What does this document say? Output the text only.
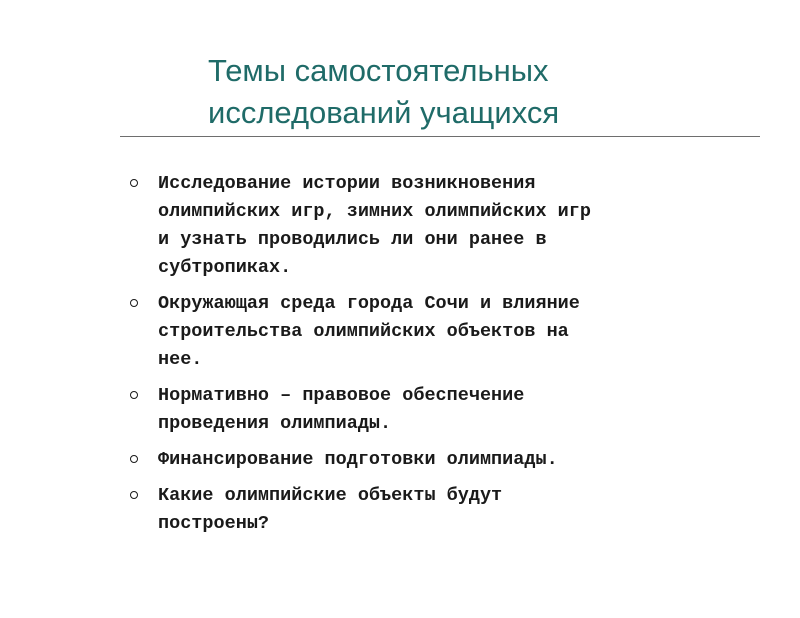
Темы самостоятельных
исследований учащихся
Исследование истории возникновения
олимпийских игр, зимних олимпийских игр
и узнать проводились ли они ранее в
субтропиках.
Окружающая среда города Сочи и влияние
строительства олимпийских объектов на
нее.
Нормативно – правовое обеспечение
проведения олимпиады.
Финансирование подготовки олимпиады.
Какие олимпийские объекты будут
построены?
